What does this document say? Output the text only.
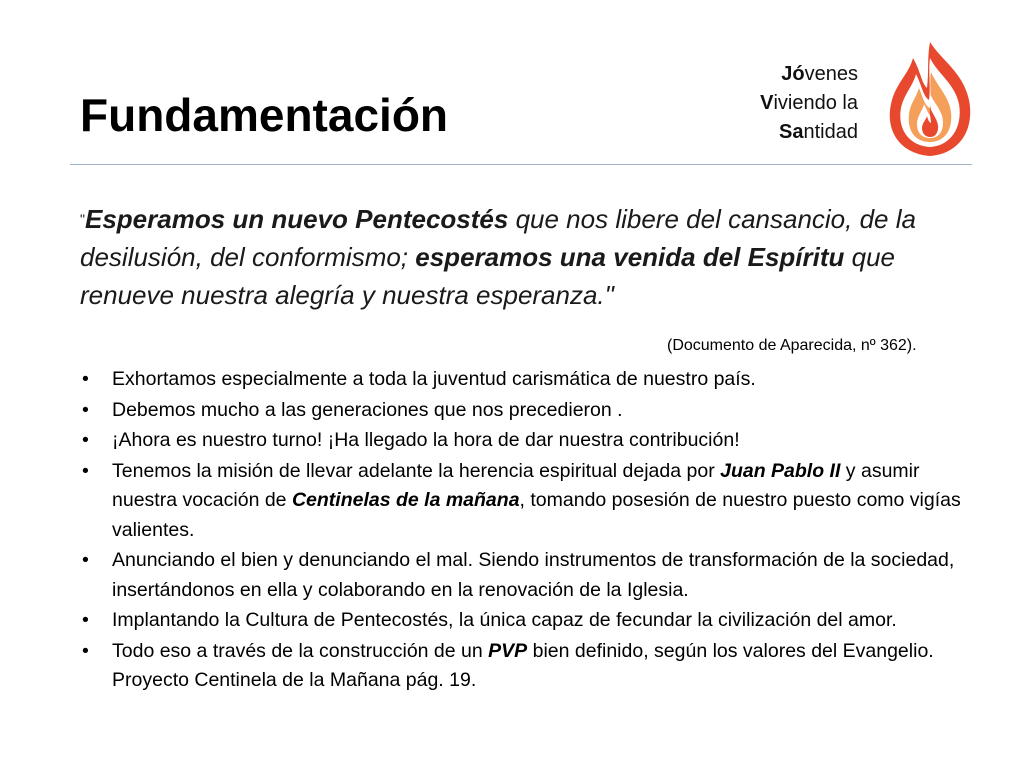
Fundamentación
Jóvenes
Viviendo la
Santidad
"Esperamos un nuevo Pentecostés que nos libere del cansancio, de la desilusión, del conformismo; esperamos una venida del Espíritu que renueve nuestra alegría y nuestra esperanza."
(Documento de Aparecida, nº 362).
• Exhortamos especialmente a toda la juventud carismática de nuestro país.
• Debemos mucho a las generaciones que nos precedieron .
• ¡Ahora es nuestro turno! ¡Ha llegado la hora de dar nuestra contribución!
• Tenemos la misión de llevar adelante la herencia espiritual dejada por Juan Pablo II y asumir nuestra vocación de Centinelas de la mañana, tomando posesión de nuestro puesto como vigías valientes.
• Anunciando el bien y denunciando el mal. Siendo instrumentos de transformación de la sociedad, insertándonos en ella y colaborando en la renovación de la Iglesia.
• Implantando la Cultura de Pentecostés, la única capaz de fecundar la civilización del amor.
• Todo eso a través de la construcción de un PVP bien definido, según los valores del Evangelio. Proyecto Centinela de la Mañana pág. 19.
